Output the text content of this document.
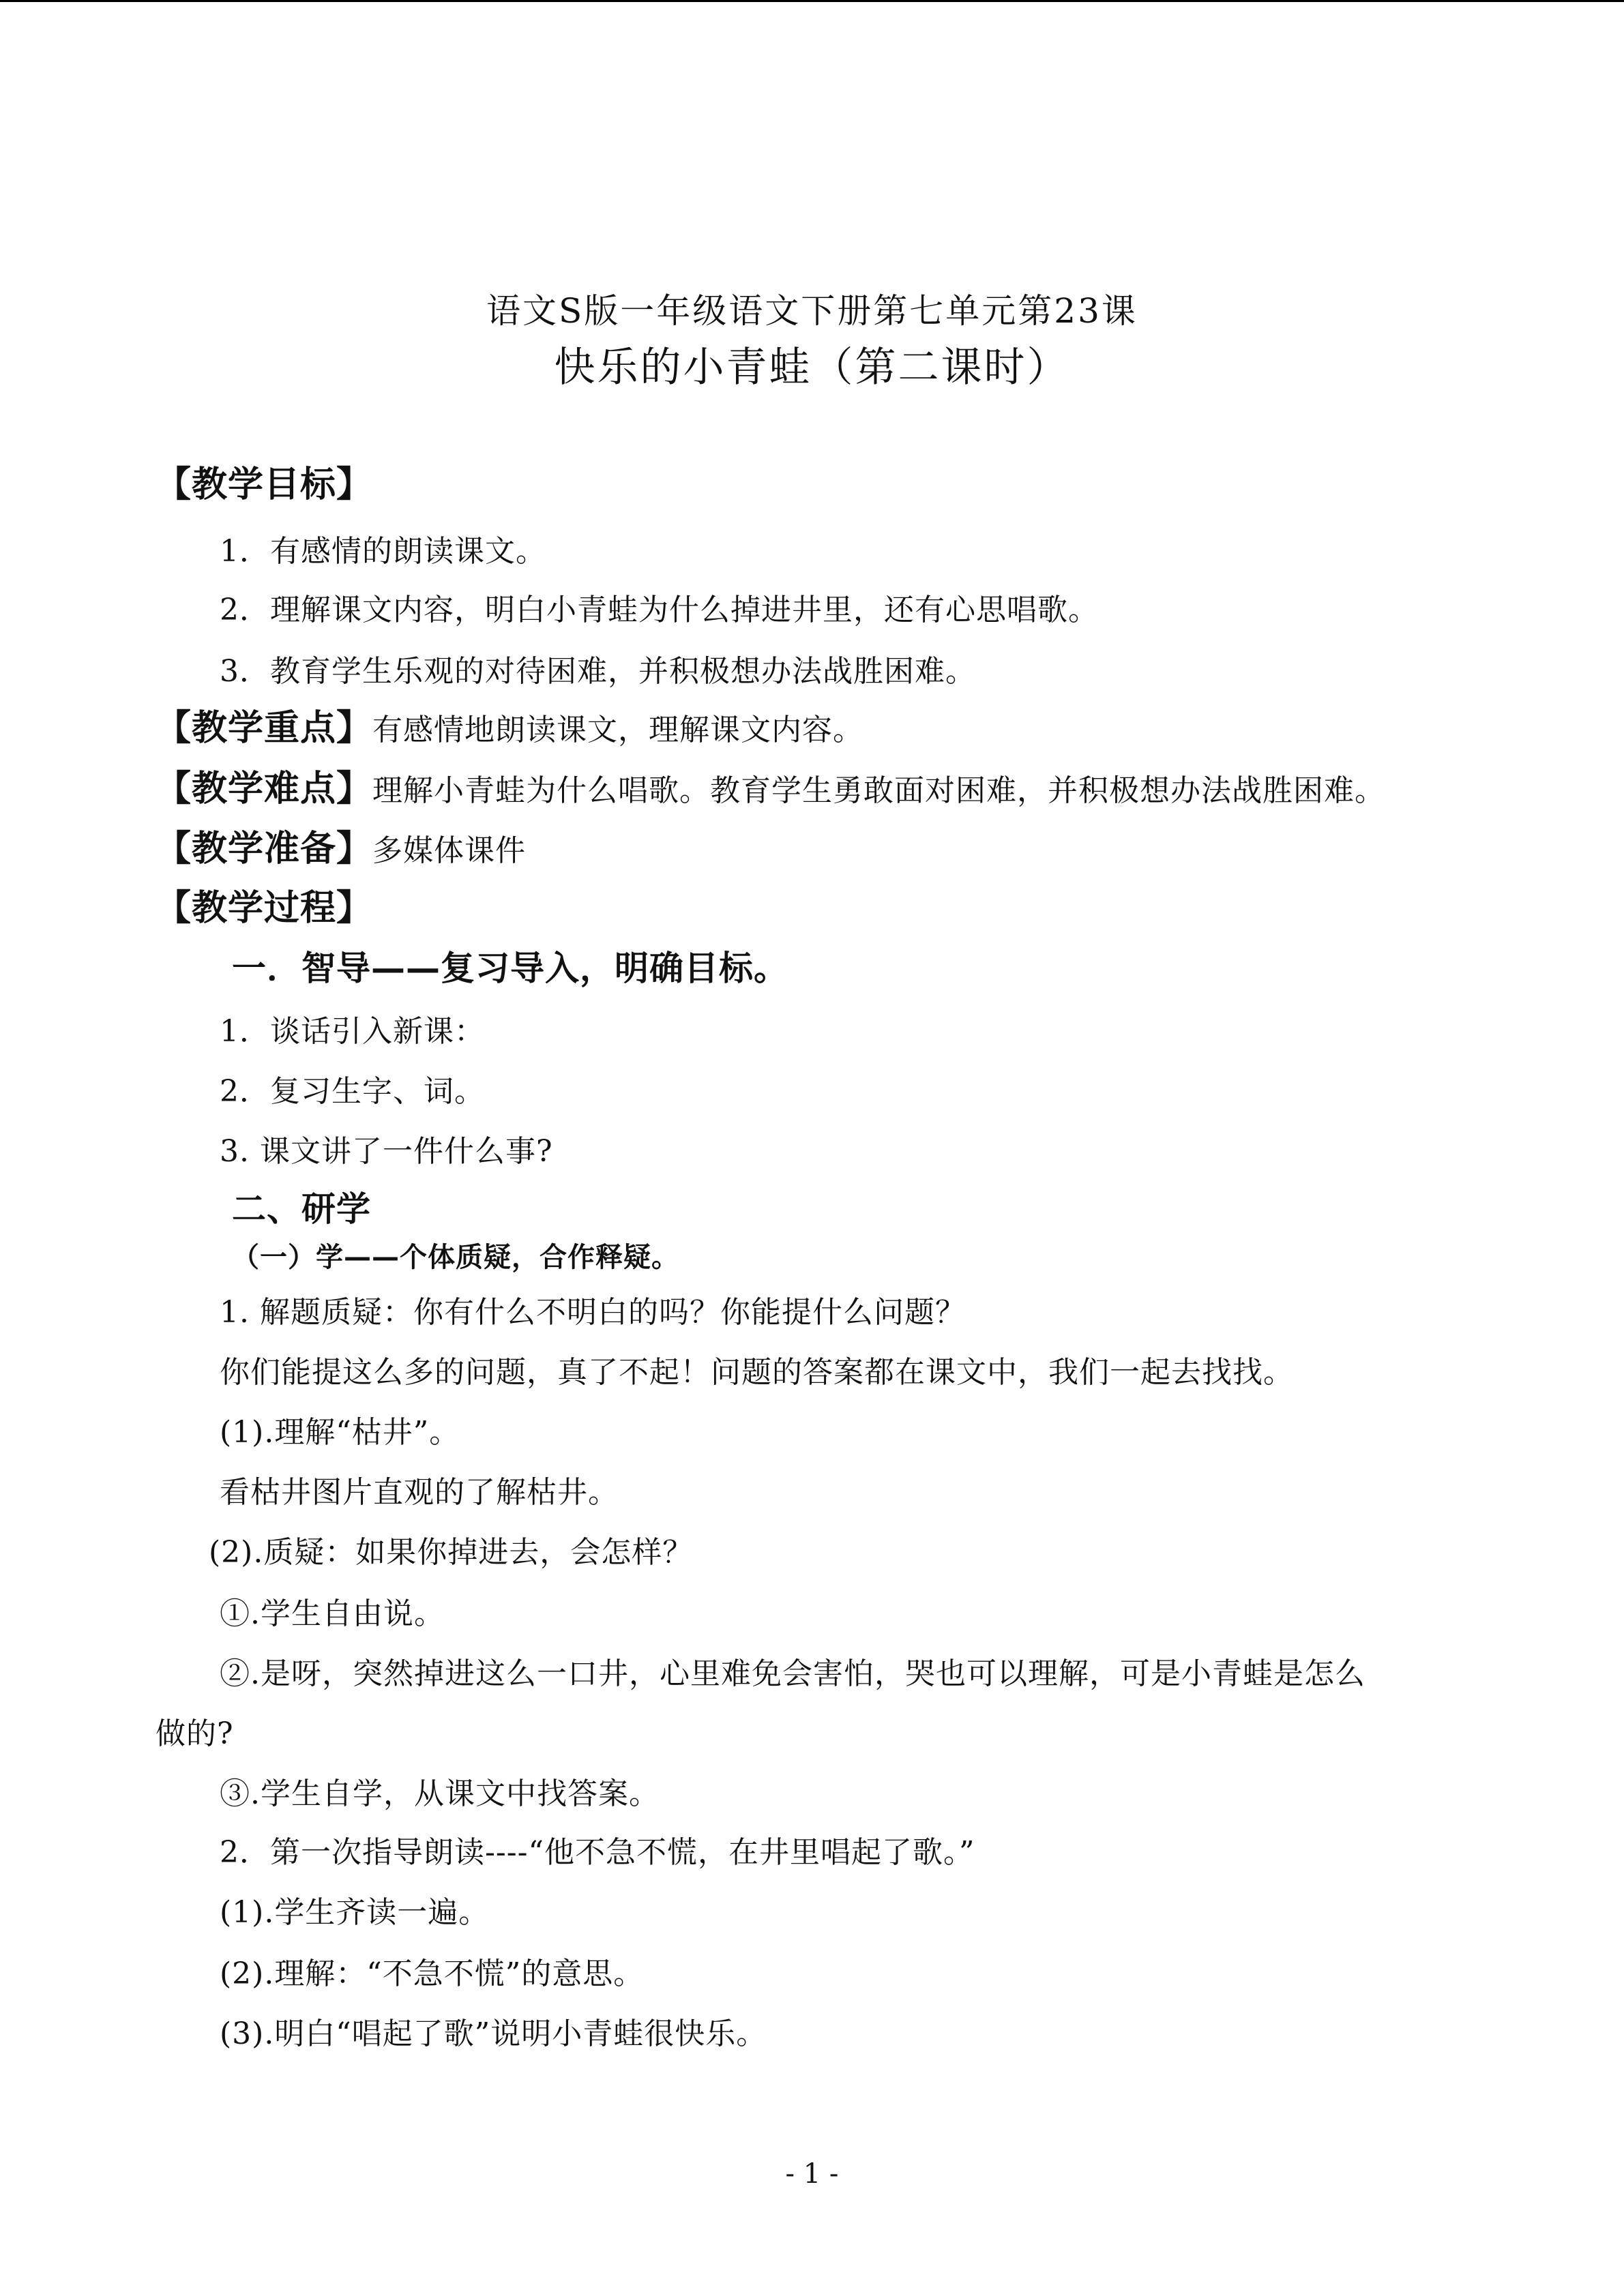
语文S版一年级语文下册第七单元第23课
快乐的小青蛙（第二课时）
【教学目标】
1．有感情的朗读课文。
2．理解课文内容，明白小青蛙为什么掉进井里，还有心思唱歌。
3．教育学生乐观的对待困难，并积极想办法战胜困难。
【教学重点】有感情地朗读课文，理解课文内容。
【教学难点】理解小青蛙为什么唱歌。教育学生勇敢面对困难，并积极想办法战胜困难。
【教学准备】多媒体课件
【教学过程】
一．智导——复习导入，明确目标。
1．谈话引入新课：
2．复习生字、词。
3. 课文讲了一件什么事?
二、研学
（一）学——个体质疑，合作释疑。
1. 解题质疑：你有什么不明白的吗？你能提什么问题？
你们能提这么多的问题，真了不起！问题的答案都在课文中，我们一起去找找。
(1).理解“枯井”。
看枯井图片直观的了解枯井。
(2).质疑：如果你掉进去，会怎样？
①.学生自由说。
②.是呀，突然掉进这么一口井，心里难免会害怕，哭也可以理解，可是小青蛙是怎么
做的?
③.学生自学，从课文中找答案。
2．第一次指导朗读----“他不急不慌，在井里唱起了歌。”
(1).学生齐读一遍。
(2).理解：“不急不慌”的意思。
(3).明白“唱起了歌”说明小青蛙很快乐。
- 1 -
